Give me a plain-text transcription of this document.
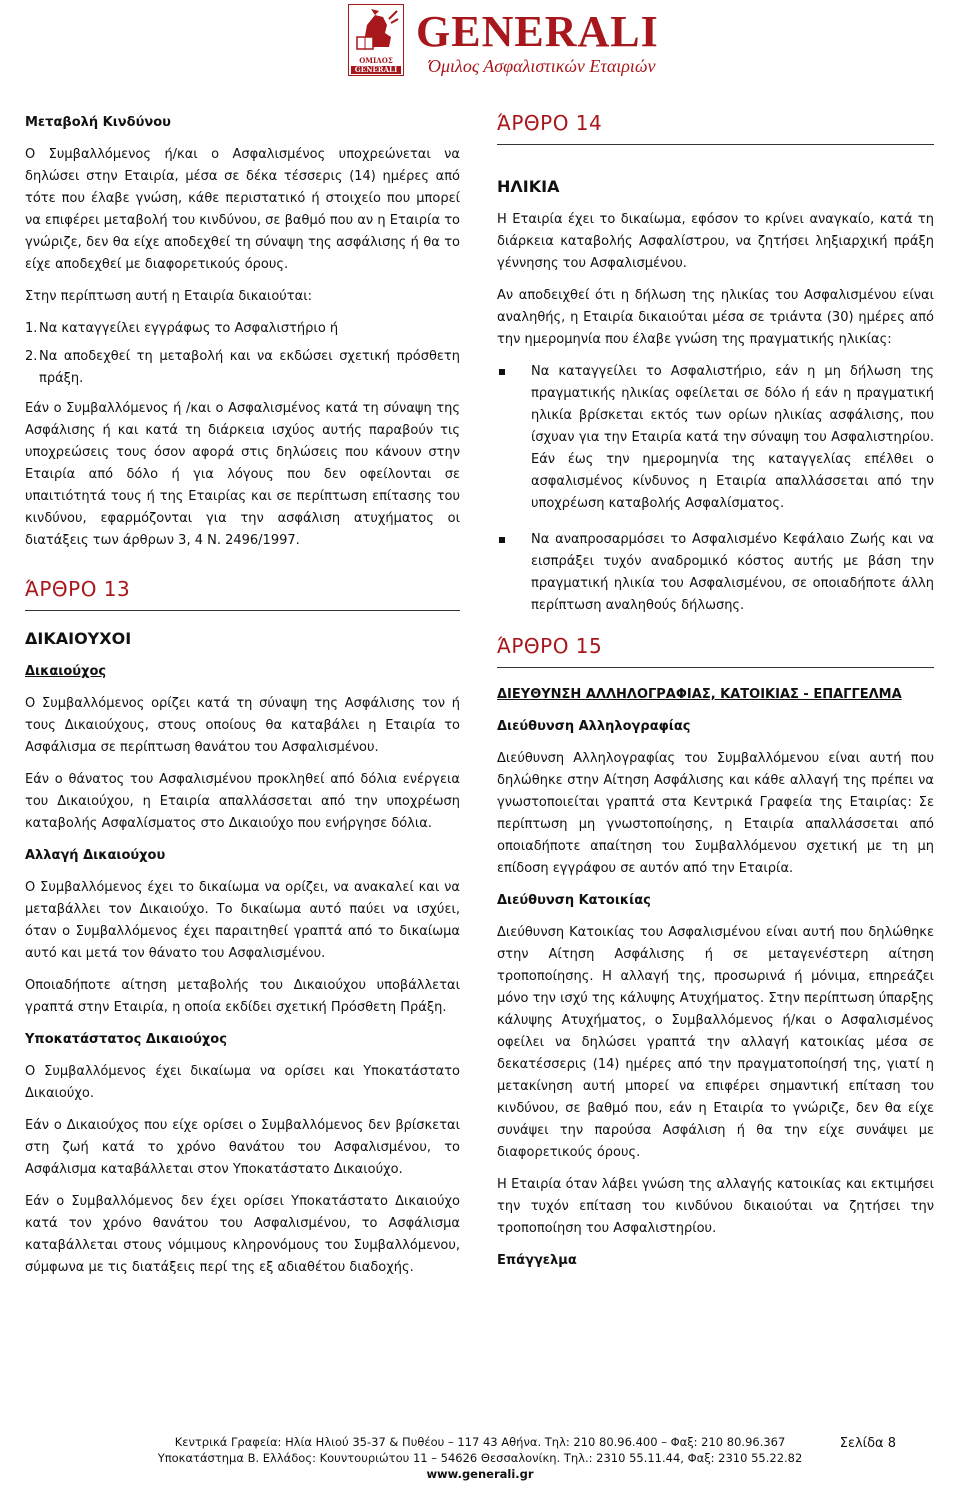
ΟΜΙΛΟΣ
GENERALI
GENERALI
Όμιλος Ασφαλιστικών Εταιριών

Μεταβολή Κινδύνου

Ο Συμβαλλόμενος ή/και ο Ασφαλισμένος υποχρεώνεται να δηλώσει στην Εταιρία, μέσα σε δέκα τέσσερις (14) ημέρες από τότε που έλαβε γνώση, κάθε περιστατικό ή στοιχείο που μπορεί να επιφέρει μεταβολή του κινδύνου, σε βαθμό που αν η Εταιρία το γνώριζε, δεν θα είχε αποδεχθεί τη σύναψη της ασφάλισης ή θα το είχε αποδεχθεί με διαφορετικούς όρους.

Στην περίπτωση αυτή η Εταιρία δικαιούται:

1. Να καταγγείλει εγγράφως το Ασφαλιστήριο ή
2. Να αποδεχθεί τη μεταβολή και να εκδώσει σχετική πρόσθετη πράξη.

Εάν ο Συμβαλλόμενος ή /και ο Ασφαλισμένος κατά τη σύναψη της Ασφάλισης ή και κατά τη διάρκεια ισχύος αυτής παραβούν τις υποχρεώσεις τους όσον αφορά στις δηλώσεις που κάνουν στην Εταιρία από δόλο ή για λόγους που δεν οφείλονται σε υπαιτιότητά τους ή της Εταιρίας και σε περίπτωση επίτασης του κινδύνου, εφαρμόζονται για την ασφάλιση ατυχήματος οι διατάξεις των άρθρων 3, 4 Ν. 2496/1997.

ΆΡΘΡΟ 13

ΔΙΚΑΙΟΥΧΟΙ

Δικαιούχος

Ο Συμβαλλόμενος ορίζει κατά τη σύναψη της Ασφάλισης τον ή τους Δικαιούχους, στους οποίους θα καταβάλει η Εταιρία το Ασφάλισμα σε περίπτωση θανάτου του Ασφαλισμένου.

Εάν ο θάνατος του Ασφαλισμένου προκληθεί από δόλια ενέργεια του Δικαιούχου, η Εταιρία απαλλάσσεται από την υποχρέωση καταβολής Ασφαλίσματος στο Δικαιούχο που ενήργησε δόλια.

Αλλαγή Δικαιούχου

Ο Συμβαλλόμενος έχει το δικαίωμα να ορίζει, να ανακαλεί και να μεταβάλλει τον Δικαιούχο. Το δικαίωμα αυτό παύει να ισχύει, όταν ο Συμβαλλόμενος έχει παραιτηθεί γραπτά από το δικαίωμα αυτό και μετά τον θάνατο του Ασφαλισμένου.

Οποιαδήποτε αίτηση μεταβολής του Δικαιούχου υποβάλλεται γραπτά στην Εταιρία, η οποία εκδίδει σχετική Πρόσθετη Πράξη.

Υποκατάστατος Δικαιούχος

Ο Συμβαλλόμενος έχει δικαίωμα να ορίσει και Υποκατάστατο Δικαιούχο.

Εάν ο Δικαιούχος που είχε ορίσει ο Συμβαλλόμενος δεν βρίσκεται στη ζωή κατά το χρόνο θανάτου του Ασφαλισμένου, το Ασφάλισμα καταβάλλεται στον Υποκατάστατο Δικαιούχο.

Εάν ο Συμβαλλόμενος δεν έχει ορίσει Υποκατάστατο Δικαιούχο κατά τον χρόνο θανάτου του Ασφαλισμένου, το Ασφάλισμα καταβάλλεται στους νόμιμους κληρονόμους του Συμβαλλόμενου, σύμφωνα με τις διατάξεις περί της εξ αδιαθέτου διαδοχής.

ΆΡΘΡΟ 14

ΗΛΙΚΙΑ

Η Εταιρία έχει το δικαίωμα, εφόσον το κρίνει αναγκαίο, κατά τη διάρκεια καταβολής Ασφαλίστρου, να ζητήσει ληξιαρχική πράξη γέννησης του Ασφαλισμένου.

Αν αποδειχθεί ότι η δήλωση της ηλικίας του Ασφαλισμένου είναι αναληθής, η Εταιρία δικαιούται μέσα σε τριάντα (30) ημέρες από την ημερομηνία που έλαβε γνώση της πραγματικής ηλικίας:

Να καταγγείλει το Ασφαλιστήριο, εάν η μη δήλωση της πραγματικής ηλικίας οφείλεται σε δόλο ή εάν η πραγματική ηλικία βρίσκεται εκτός των ορίων ηλικίας ασφάλισης, που ίσχυαν για την Εταιρία κατά την σύναψη του Ασφαλιστηρίου. Εάν έως την ημερομηνία της καταγγελίας επέλθει ο ασφαλισμένος κίνδυνος η Εταιρία απαλλάσσεται από την υποχρέωση καταβολής Ασφαλίσματος.
Να αναπροσαρμόσει το Ασφαλισμένο Κεφάλαιο Ζωής και να εισπράξει τυχόν αναδρομικό κόστος αυτής με βάση την πραγματική ηλικία του Ασφαλισμένου, σε οποιαδήποτε άλλη περίπτωση αναληθούς δήλωσης.
ΆΡΘΡΟ 15

ΔΙΕΥΘΥΝΣΗ ΑΛΛΗΛΟΓΡΑΦΙΑΣ, ΚΑΤΟΙΚΙΑΣ - ΕΠΑΓΓΕΛΜΑ

Διεύθυνση Αλληλογραφίας

Διεύθυνση Αλληλογραφίας του Συμβαλλόμενου είναι αυτή που δηλώθηκε στην Αίτηση Ασφάλισης και κάθε αλλαγή της πρέπει να γνωστοποιείται γραπτά στα Κεντρικά Γραφεία της Εταιρίας: Σε περίπτωση μη γνωστοποίησης, η Εταιρία απαλλάσσεται από οποιαδήποτε απαίτηση του Συμβαλλόμενου σχετική με τη μη επίδοση εγγράφου σε αυτόν από την Εταιρία.

Διεύθυνση Κατοικίας

Διεύθυνση Κατοικίας του Ασφαλισμένου είναι αυτή που δηλώθηκε στην Αίτηση Ασφάλισης ή σε μεταγενέστερη αίτηση τροποποίησης. Η αλλαγή της, προσωρινά ή μόνιμα, επηρεάζει μόνο την ισχύ της κάλυψης Ατυχήματος. Στην περίπτωση ύπαρξης κάλυψης Ατυχήματος, ο Συμβαλλόμενος ή/και ο Ασφαλισμένος οφείλει να δηλώσει γραπτά την αλλαγή κατοικίας μέσα σε δεκατέσσερις (14) ημέρες από την πραγματοποίησή της, γιατί η μετακίνηση αυτή μπορεί να επιφέρει σημαντική επίταση του κινδύνου, σε βαθμό που, εάν η Εταιρία το γνώριζε, δεν θα είχε συνάψει την παρούσα Ασφάλιση ή θα την είχε συνάψει με διαφορετικούς όρους.

Η Εταιρία όταν λάβει γνώση της αλλαγής κατοικίας και εκτιμήσει την τυχόν επίταση του κινδύνου δικαιούται να ζητήσει την τροποποίηση του Ασφαλιστηρίου.

Επάγγελμα

Σελίδα 8
Κεντρικά Γραφεία: Ηλία Ηλιού 35-37 & Πυθέου – 117 43 Αθήνα. Τηλ: 210 80.96.400 – Φαξ: 210 80.96.367
Υποκατάστημα Β. Ελλάδος: Κουντουριώτου 11 – 54626 Θεσσαλονίκη. Τηλ.: 2310 55.11.44, Φαξ: 2310 55.22.82
www.generali.gr
